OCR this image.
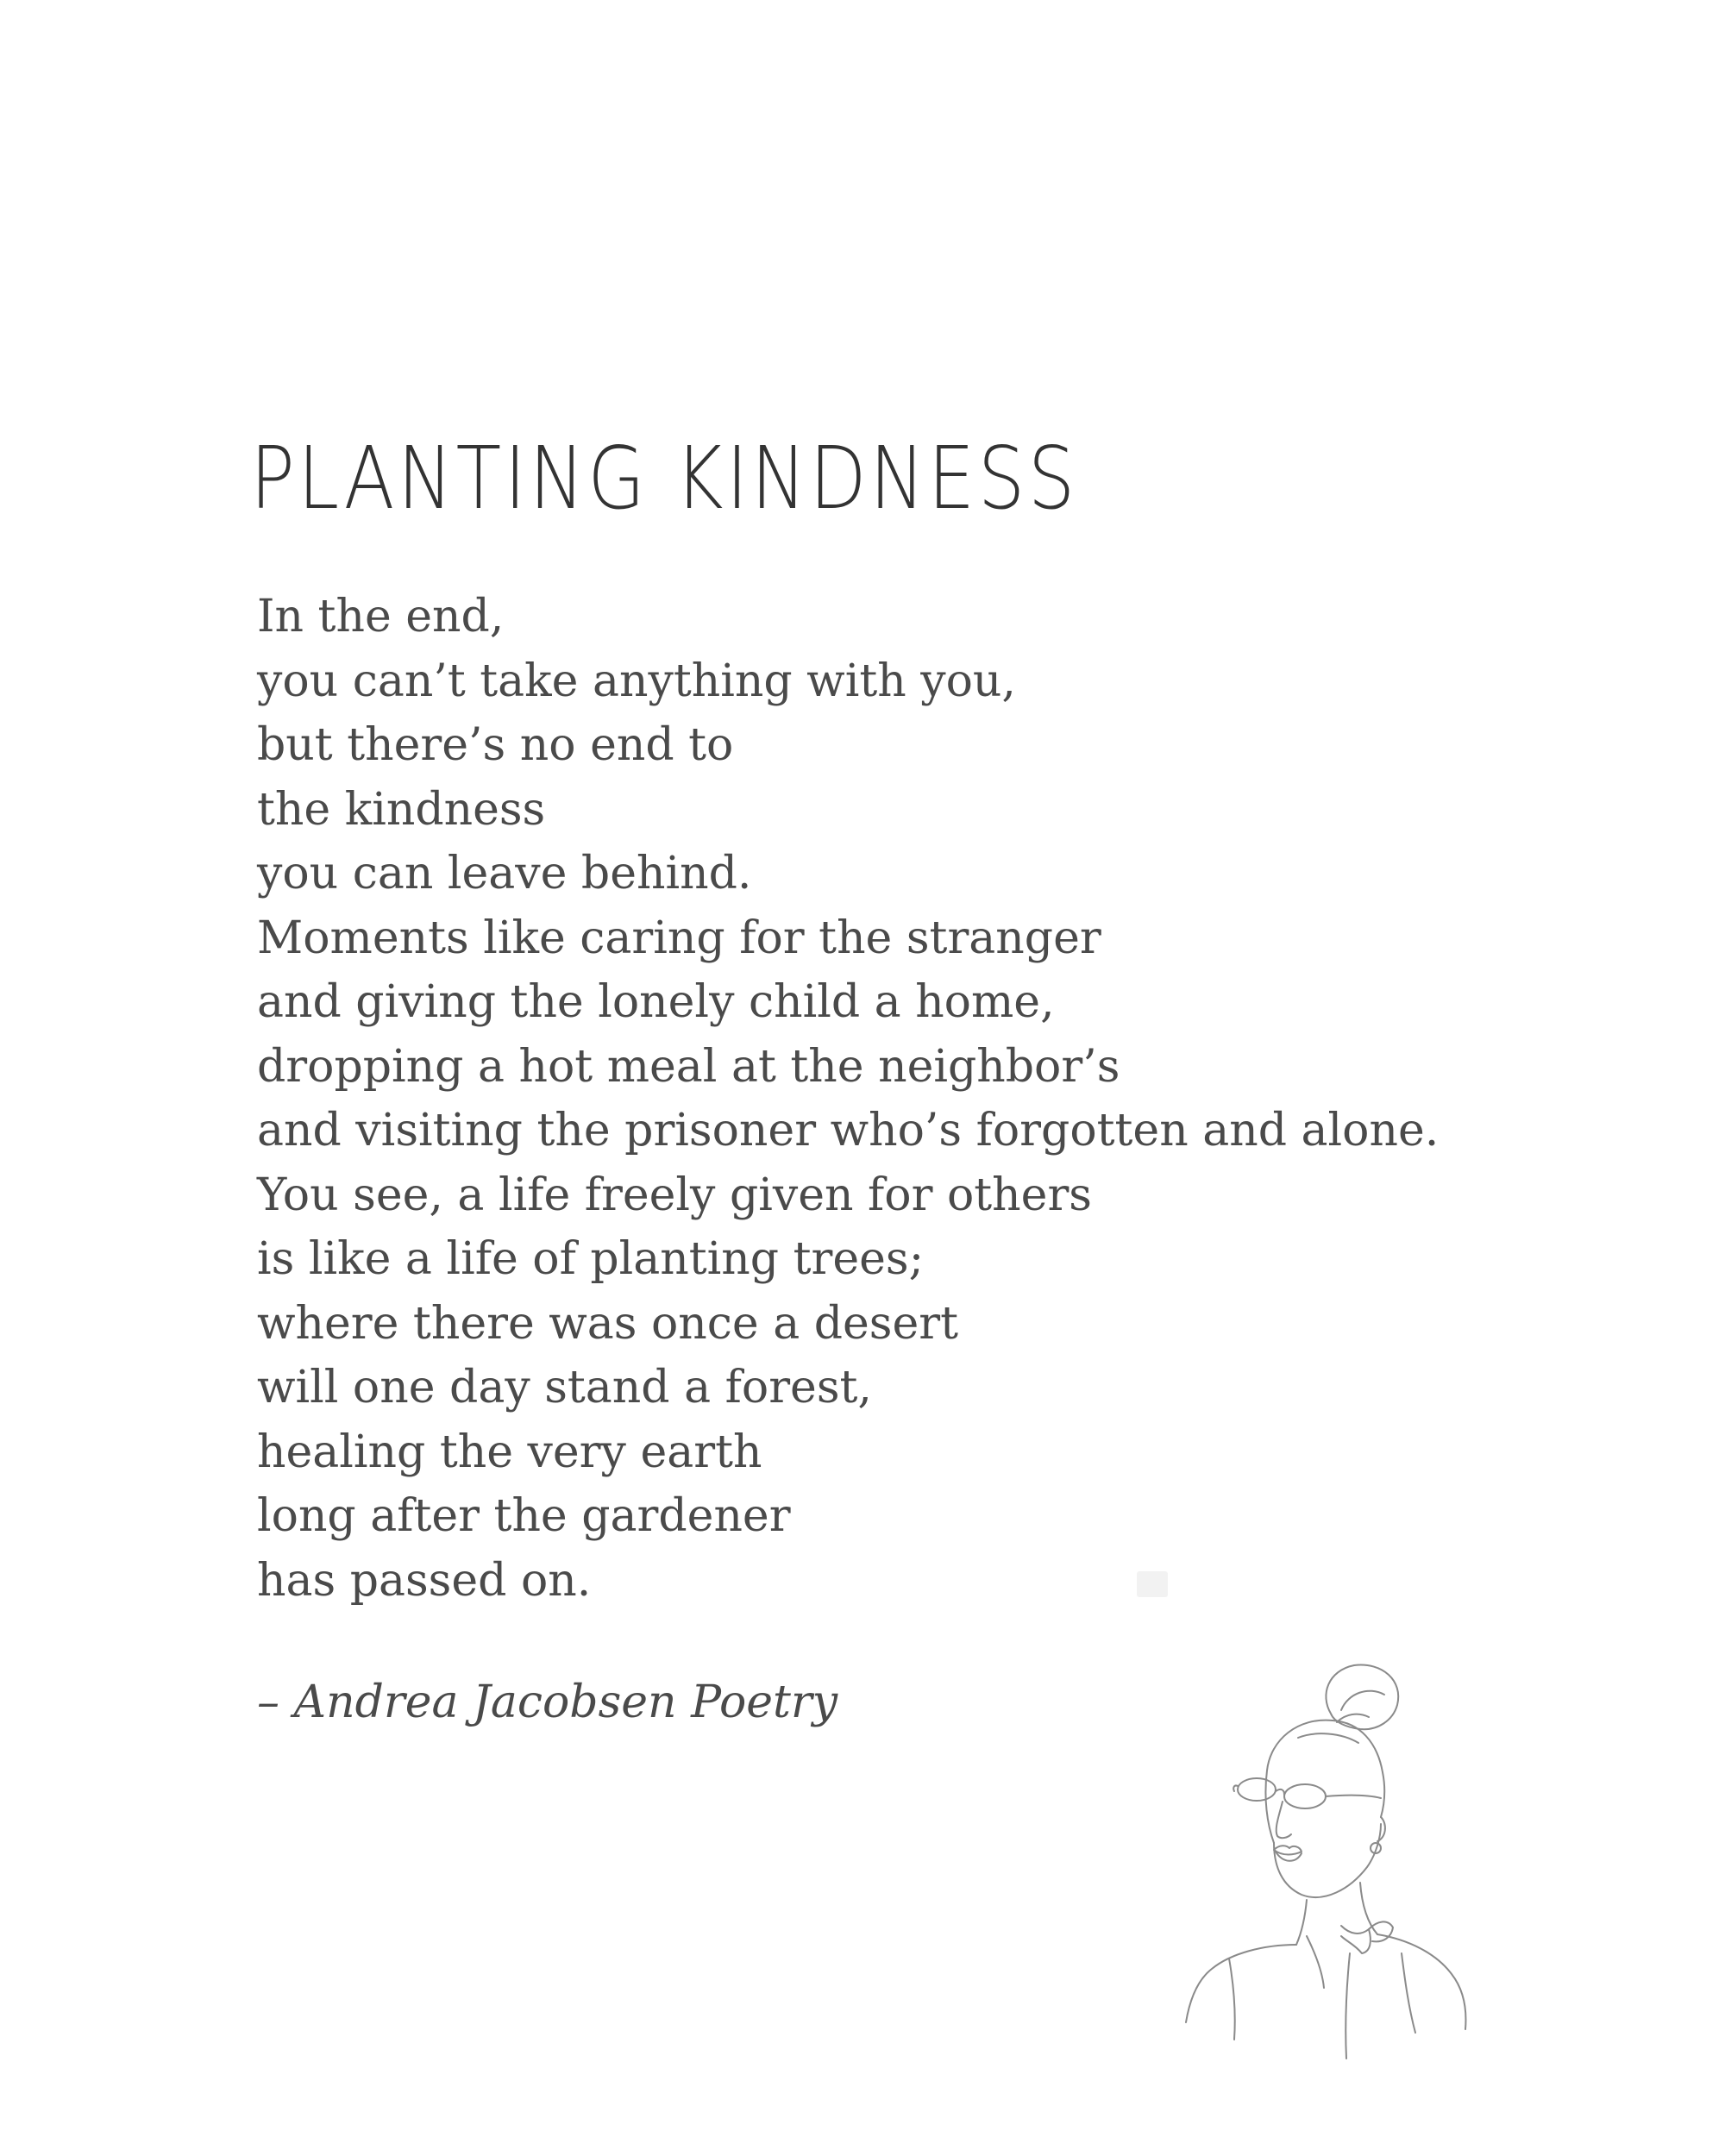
PLANTING KINDNESS
In the end,
you can’t take anything with you,
but there’s no end to
the kindness
you can leave behind.
Moments like caring for the stranger
and giving the lonely child a home,
dropping a hot meal at the neighbor’s
and visiting the prisoner who’s forgotten and alone.
You see, a life freely given for others
is like a life of planting trees;
where there was once a desert
will one day stand a forest,
healing the very earth
long after the gardener
has passed on.
– Andrea Jacobsen Poetry
